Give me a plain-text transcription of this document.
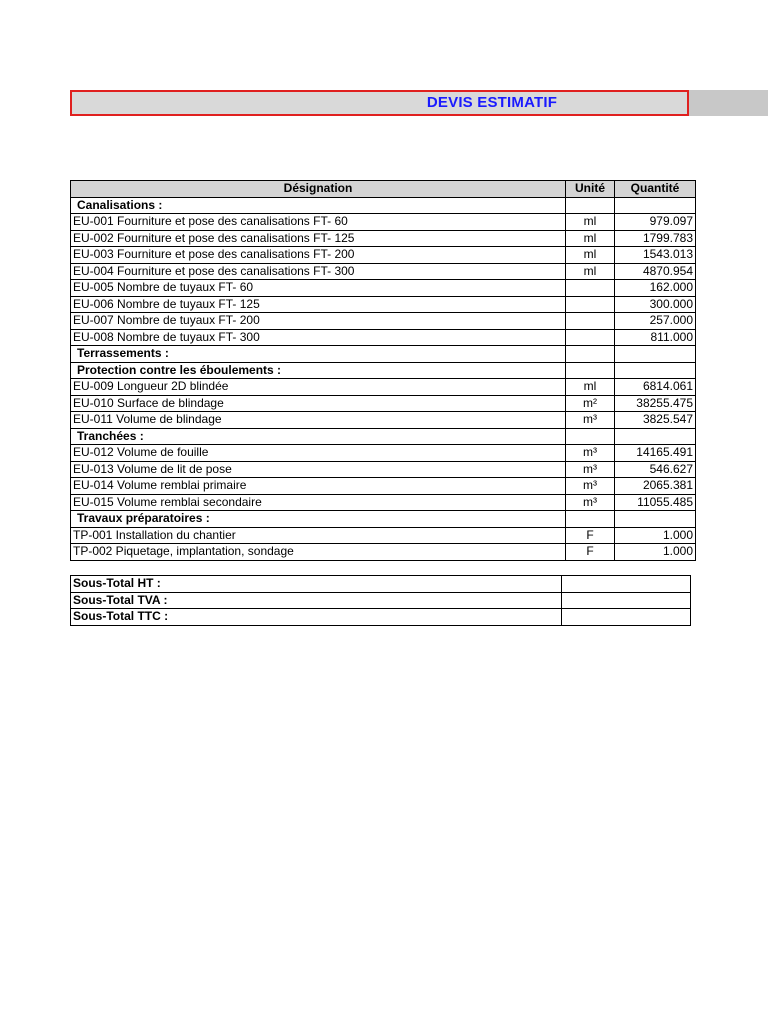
DEVIS ESTIMATIF
Désignation	Unité	Quantité
Canalisations :		
EU-001 Fourniture et pose des canalisations FT- 60	ml	979.097
EU-002 Fourniture et pose des canalisations FT- 125	ml	1799.783
EU-003 Fourniture et pose des canalisations FT- 200	ml	1543.013
EU-004 Fourniture et pose des canalisations FT- 300	ml	4870.954
EU-005 Nombre de tuyaux FT- 60		162.000
EU-006 Nombre de tuyaux FT- 125		300.000
EU-007 Nombre de tuyaux FT- 200		257.000
EU-008 Nombre de tuyaux FT- 300		811.000
Terrassements :		
Protection contre les éboulements :		
EU-009 Longueur 2D blindée	ml	6814.061
EU-010 Surface de blindage	m²	38255.475
EU-011 Volume de blindage	m³	3825.547
Tranchées :		
EU-012 Volume de fouille	m³	14165.491
EU-013 Volume de lit de pose	m³	546.627
EU-014 Volume remblai primaire	m³	2065.381
EU-015 Volume remblai secondaire	m³	11055.485
Travaux préparatoires :		
TP-001 Installation du chantier	F	1.000
TP-002 Piquetage, implantation, sondage	F	1.000
Sous-Total HT :	
Sous-Total TVA :	
Sous-Total TTC :	
